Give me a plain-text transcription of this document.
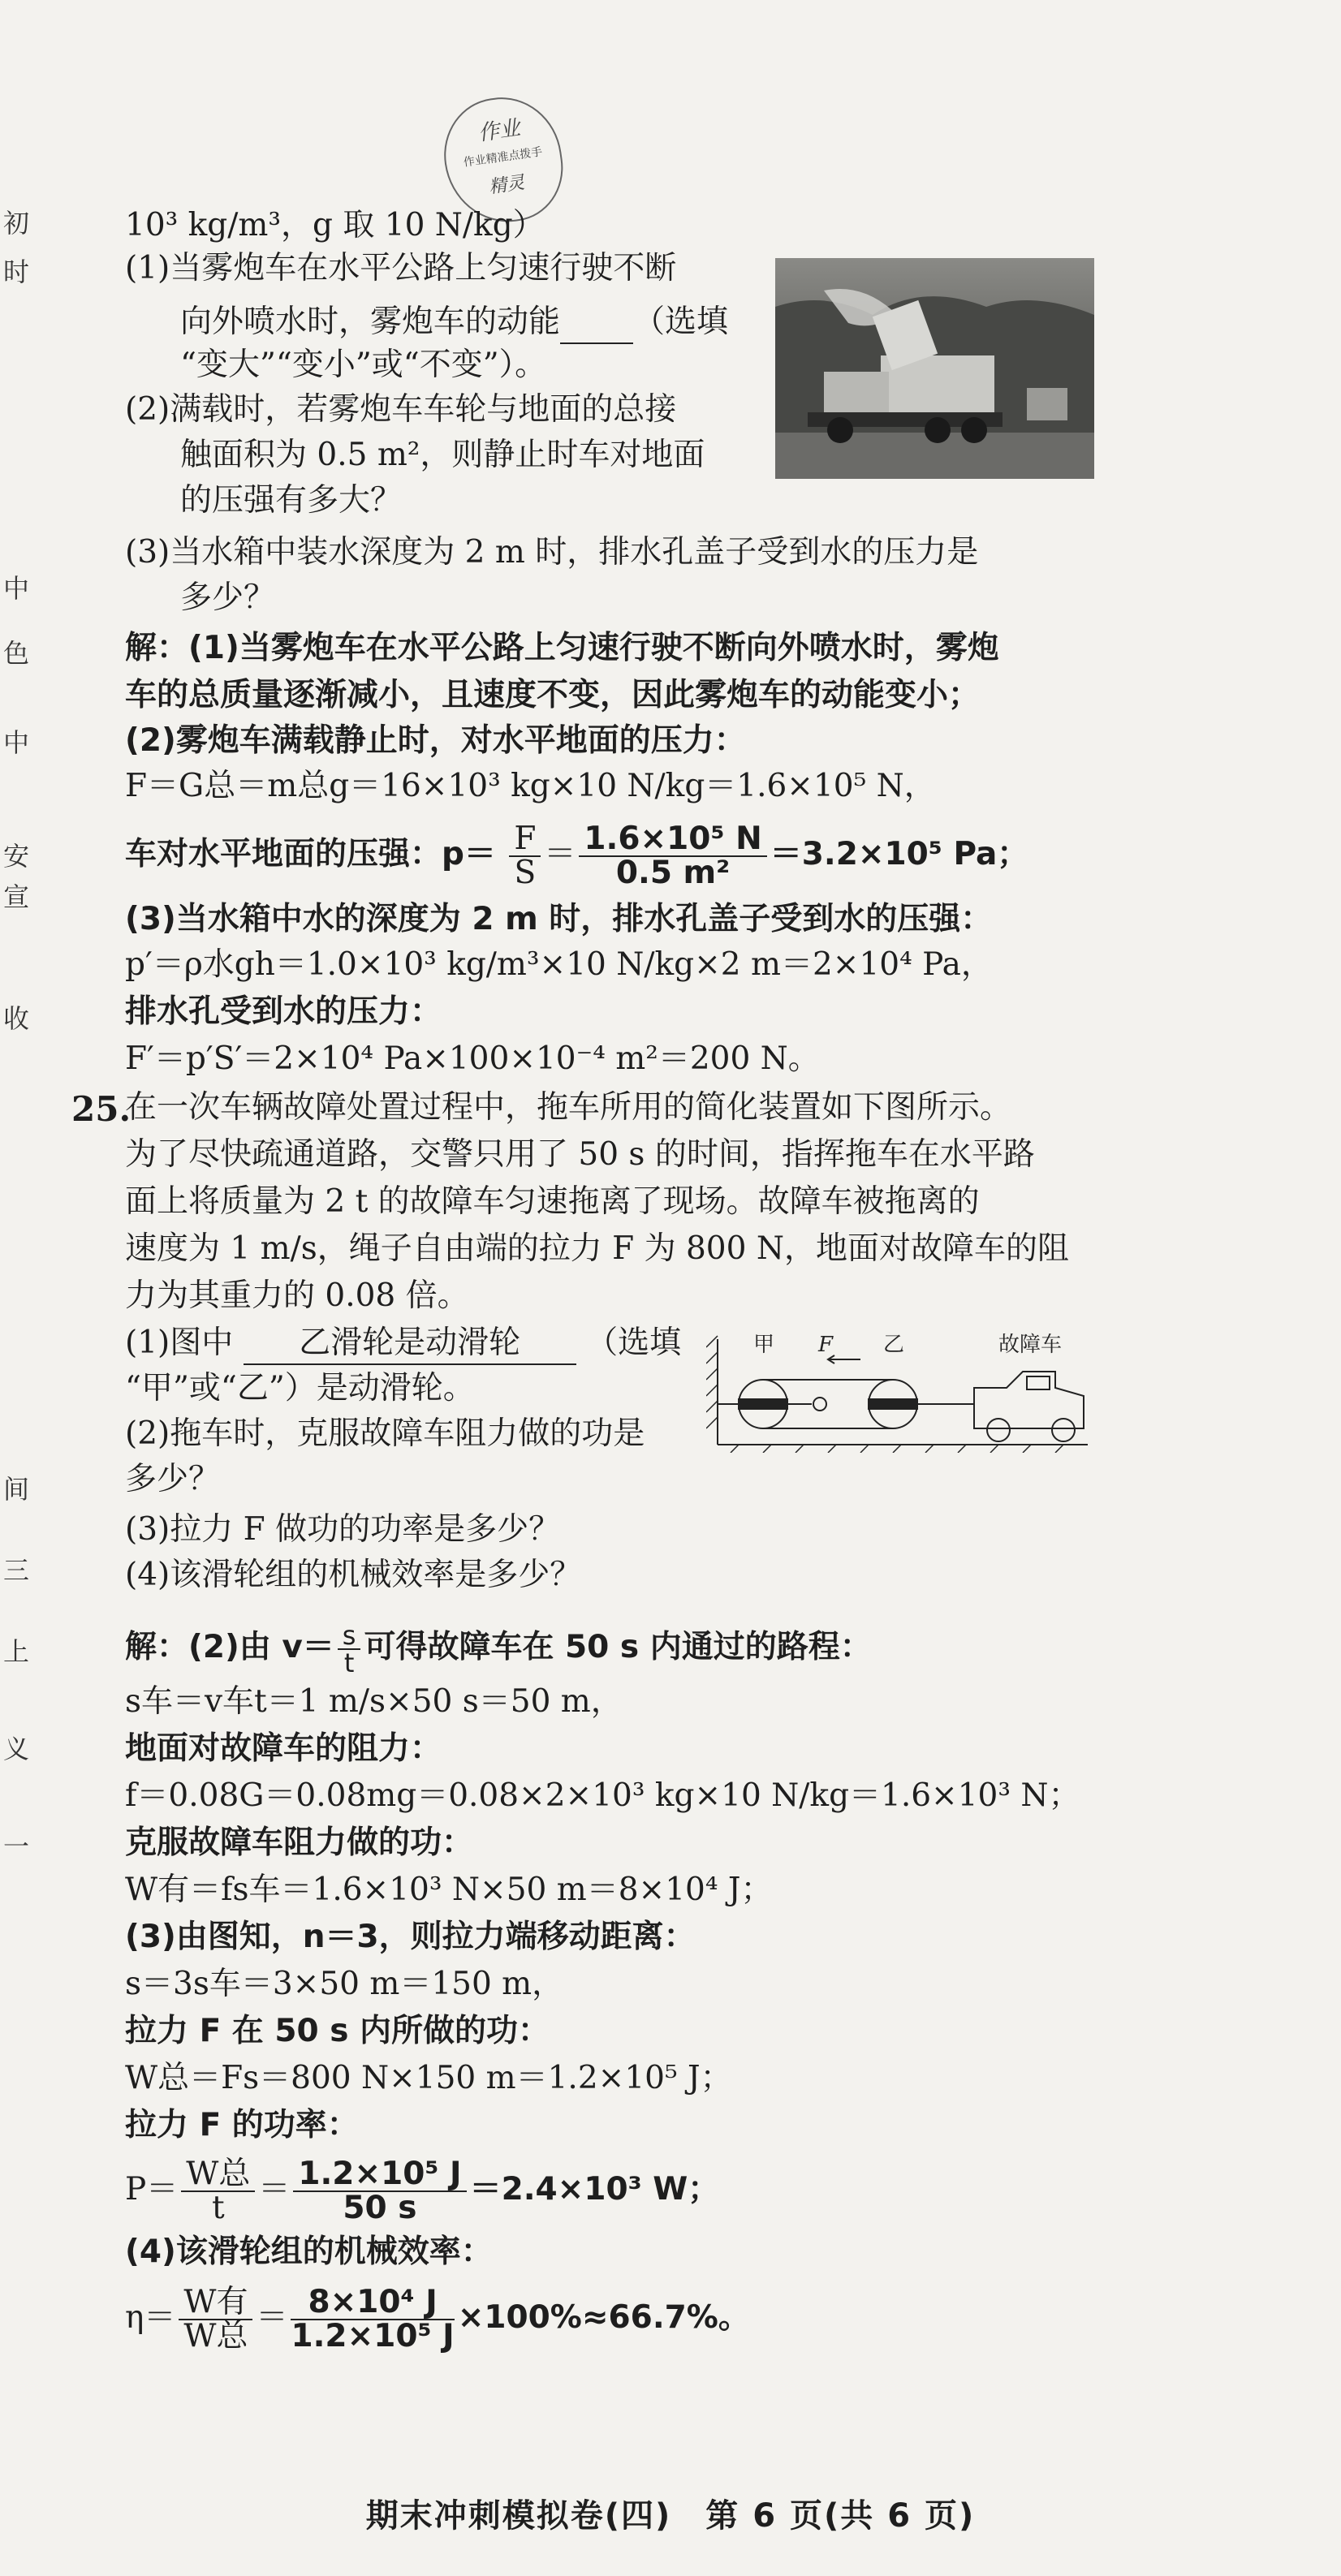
作业
作业精准点拨手
精灵
初
时
中
色
中
安
宣
收
间
三
上
义
一
10³ kg/m³，g 取 10 N/kg）
(1)当雾炮车在水平公路上匀速行驶不断
向外喷水时，雾炮车的动能 （选填
“变大”“变小”或“不变”）。
(2)满载时，若雾炮车车轮与地面的总接
触面积为 0.5 m²，则静止时车对地面
的压强有多大？
(3)当水箱中装水深度为 2 m 时，排水孔盖子受到水的压力是
多少？
解：(1)当雾炮车在水平公路上匀速行驶不断向外喷水时，雾炮
车的总质量逐渐减小，且速度不变，因此雾炮车的动能变小；
(2)雾炮车满载静止时，对水平地面的压力：
F＝G总＝m总g＝16×10³ kg×10 N/kg＝1.6×10⁵ N，
车对水平地面的压强：$p= \frac{F}{S} = \frac{\text{1.6×10⁵ N}}{\text{0.5 m²}} =3.2\times 10^5$ Pa；
(3)当水箱中水的深度为 2 m 时，排水孔盖子受到水的压强：
p′＝ρ水gh＝1.0×10³ kg/m³×10 N/kg×2 m＝2×10⁴ Pa，
排水孔受到水的压力：
F′＝p′S′＝2×10⁴ Pa×100×10⁻⁴ m²＝200 N。
25.
在一次车辆故障处置过程中，拖车所用的简化装置如下图所示。
为了尽快疏通道路，交警只用了 50 s 的时间，指挥拖车在水平路
面上将质量为 2 t 的故障车匀速拖离了现场。故障车被拖离的
速度为 1 m/s，绳子自由端的拉力 F 为 800 N，地面对故障车的阻
力为其重力的 0.08 倍。
(1)图中 乙滑轮是动滑轮 （选填
“甲”或“乙”）是动滑轮。
(2)拖车时，克服故障车阻力做的功是
多少？
(3)拉力 F 做功的功率是多少？
(4)该滑轮组的机械效率是多少？
甲 F 乙	故障车
解：(2)由 $v= \frac{s}{t}$ 可得故障车在 50 s 内通过的路程：
s车＝v车t＝1 m/s×50 s＝50 m，
地面对故障车的阻力：
f＝0.08G＝0.08mg＝0.08×2×10³ kg×10 N/kg＝1.6×10³ N；
克服故障车阻力做的功：
W有＝fs车＝1.6×10³ N×50 m＝8×10⁴ J；
(3)由图知，n＝3，则拉力端移动距离：
s＝3s车＝3×50 m＝150 m，
拉力 F 在 50 s 内所做的功：
W总＝Fs＝800 N×150 m＝1.2×10⁵ J；
拉力 F 的功率：
$P= \frac{\text{W总}}{t} = \frac{\text{1.2×10⁵ J}}{50 s} =2.4\times 10^3$ W；
(4)该滑轮组的机械效率：
$\eta= \frac{\text{W有}}{\text{W总}} = \frac{\text{8×10⁴ J}}{\text{1.2×10⁵ J}} \times 100\%\approx 66.7\%$。
期末冲刺模拟卷(四)　第 6 页(共 6 页)
